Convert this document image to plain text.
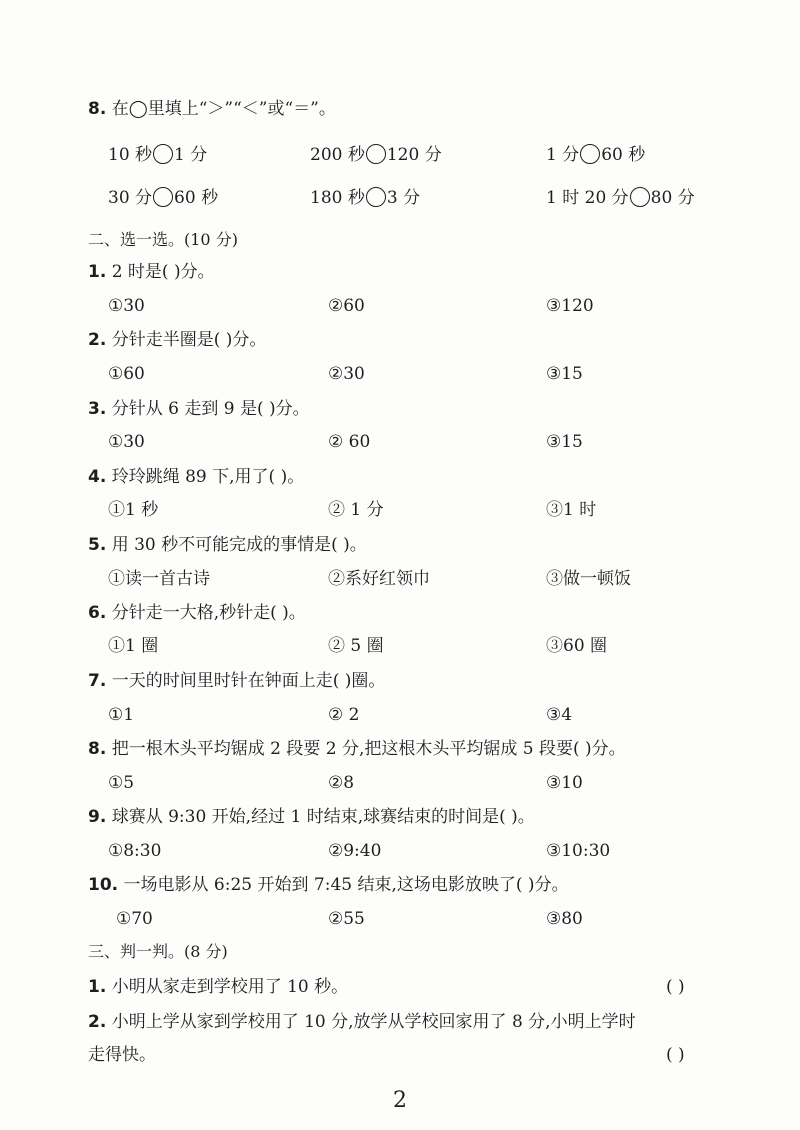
8. 在◯里填上“＞”“＜”或“＝”。
10 秒 1 分	200 秒 120 分	1 分 60 秒
30 分 60 秒	180 秒 3 分	1 时 20 分 80 分
二、选一选。(10 分)
1. 2 时是( )分。
①30	②60	③120
2. 分针走半圈是( )分。
①60	②30	③15
3. 分针从 6 走到 9 是( )分。
①30	② 60	③15
4. 玲玲跳绳 89 下,用了( )。
①1 秒	② 1 分	③1 时
5. 用 30 秒不可能完成的事情是( )。
①读一首古诗	②系好红领巾	③做一顿饭
6. 分针走一大格,秒针走( )。
①1 圈	② 5 圈	③60 圈
7. 一天的时间里时针在钟面上走( )圈。
①1	② 2	③4
8. 把一根木头平均锯成 2 段要 2 分,把这根木头平均锯成 5 段要( )分。
①5	②8	③10
9. 球赛从 9:30 开始,经过 1 时结束,球赛结束的时间是( )。
①8:30	②9:40	③10:30
10. 一场电影从 6:25 开始到 7:45 结束,这场电影放映了( )分。
①70	②55	③80
三、判一判。(8 分)
1. 小明从家走到学校用了 10 秒。	( )
2. 小明上学从家到学校用了 10 分,放学从学校回家用了 8 分,小明上学时
走得快。	( )
2
